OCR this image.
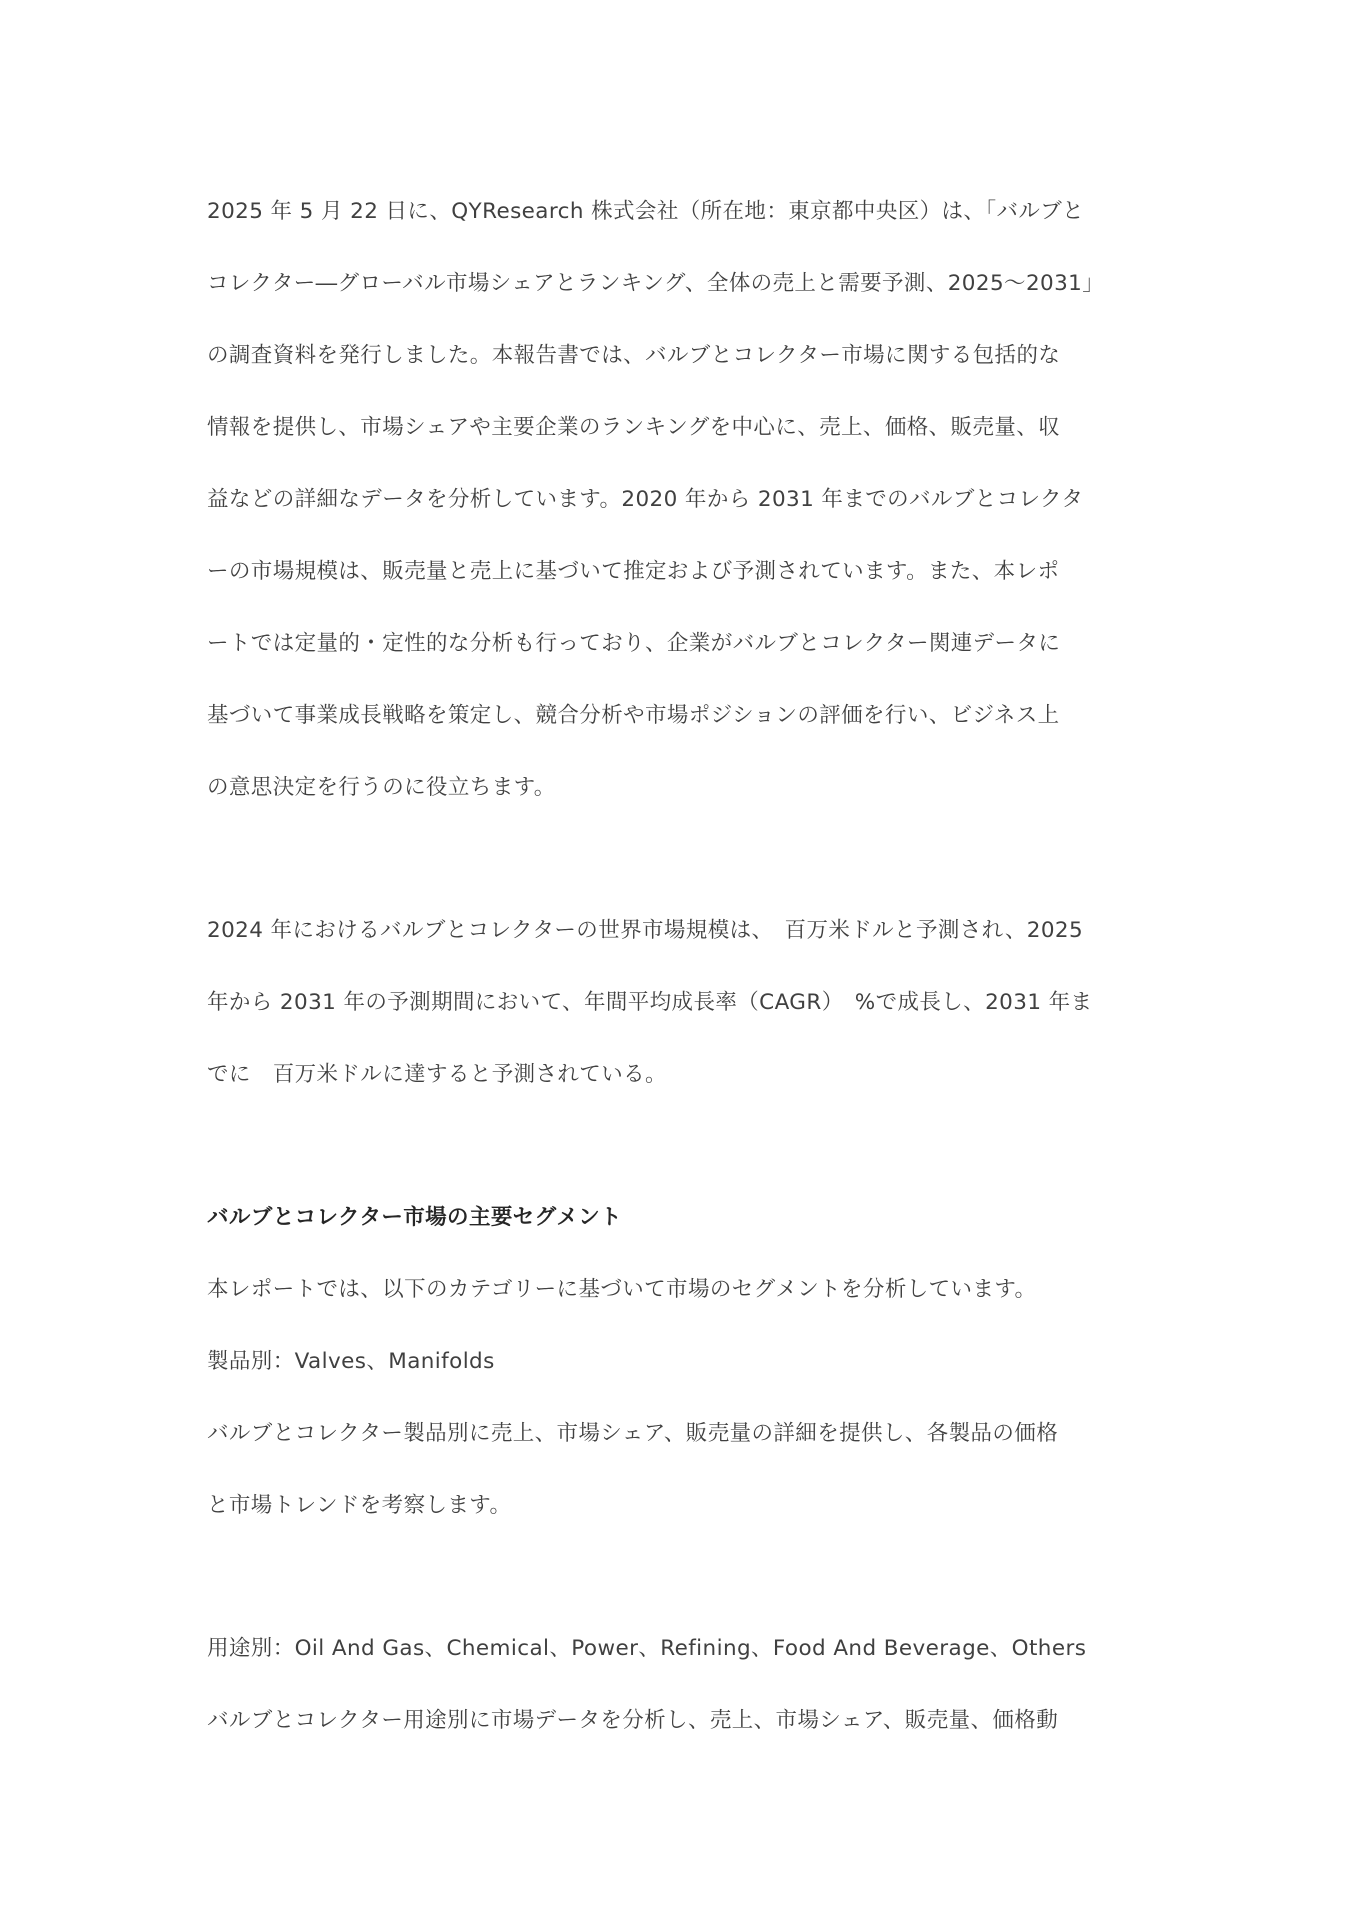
2025 年 5 月 22 日に、QYResearch 株式会社（所在地：東京都中央区）は、「バルブと
コレクター―グローバル市場シェアとランキング、全体の売上と需要予測、2025～2031」
の調査資料を発行しました。本報告書では、バルブとコレクター市場に関する包括的な
情報を提供し、市場シェアや主要企業のランキングを中心に、売上、価格、販売量、収
益などの詳細なデータを分析しています。2020 年から 2031 年までのバルブとコレクタ
ーの市場規模は、販売量と売上に基づいて推定および予測されています。また、本レポ
ートでは定量的・定性的な分析も行っており、企業がバルブとコレクター関連データに
基づいて事業成長戦略を策定し、競合分析や市場ポジションの評価を行い、ビジネス上
の意思決定を行うのに役立ちます。
2024 年におけるバルブとコレクターの世界市場規模は、　百万米ドルと予測され、2025
年から 2031 年の予測期間において、年間平均成長率（CAGR）　%で成長し、2031 年ま
でに　百万米ドルに達すると予測されている。
バルブとコレクター市場の主要セグメント
本レポートでは、以下のカテゴリーに基づいて市場のセグメントを分析しています。
製品別：Valves、Manifolds
バルブとコレクター製品別に売上、市場シェア、販売量の詳細を提供し、各製品の価格
と市場トレンドを考察します。
用途別：Oil And Gas、Chemical、Power、Refining、Food And Beverage、Others
バルブとコレクター用途別に市場データを分析し、売上、市場シェア、販売量、価格動
